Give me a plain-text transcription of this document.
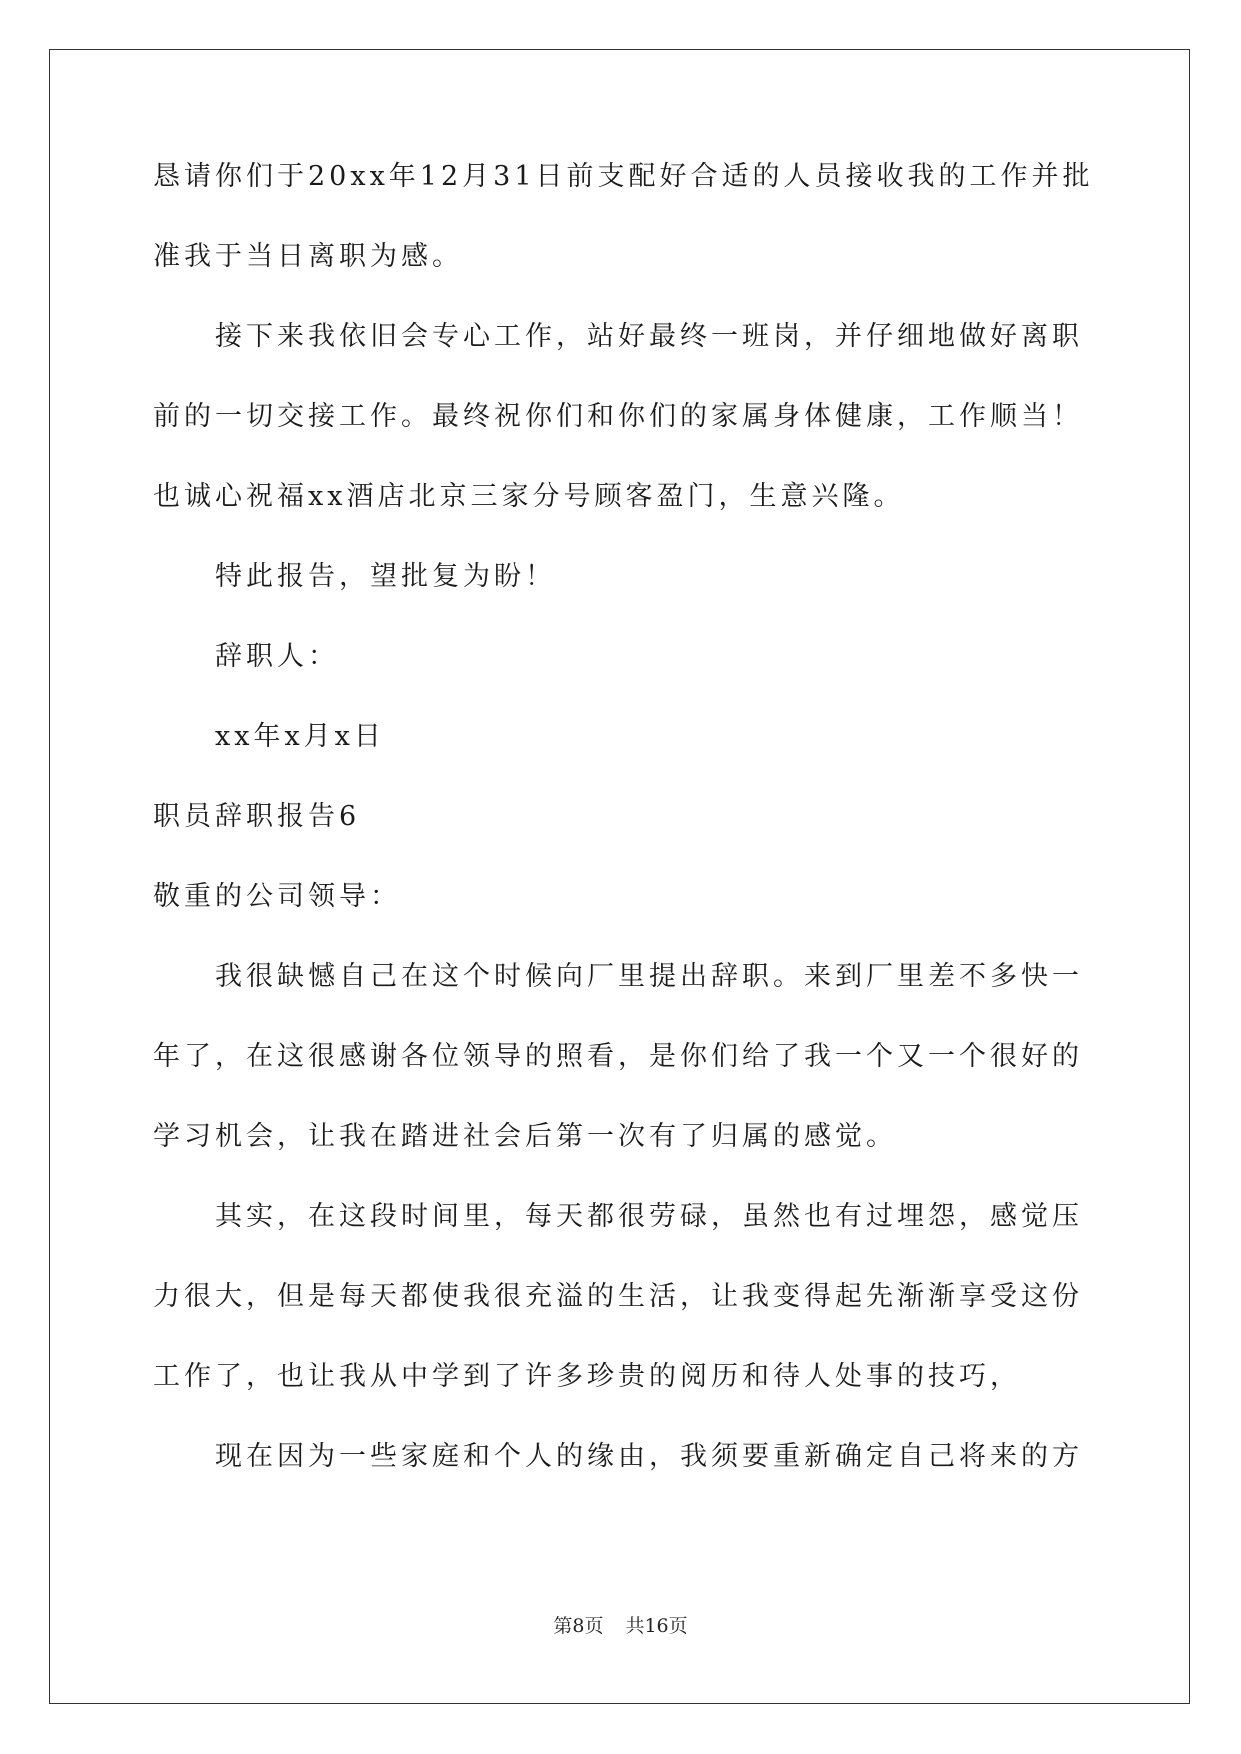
恳请你们于20xx年12月31日前支配好合适的人员接收我的工作并批
准我于当日离职为感。
接下来我依旧会专心工作，站好最终一班岗，并仔细地做好离职
前的一切交接工作。最终祝你们和你们的家属身体健康，工作顺当！
也诚心祝福xx酒店北京三家分号顾客盈门，生意兴隆。
特此报告，望批复为盼！
辞职人：
xx年x月x日
职员辞职报告6
敬重的公司领导：
我很缺憾自己在这个时候向厂里提出辞职。来到厂里差不多快一
年了，在这很感谢各位领导的照看，是你们给了我一个又一个很好的
学习机会，让我在踏进社会后第一次有了归属的感觉。
其实，在这段时间里，每天都很劳碌，虽然也有过埋怨，感觉压
力很大，但是每天都使我很充溢的生活，让我变得起先渐渐享受这份
工作了，也让我从中学到了许多珍贵的阅历和待人处事的技巧，
现在因为一些家庭和个人的缘由，我须要重新确定自己将来的方
第8页 共16页
